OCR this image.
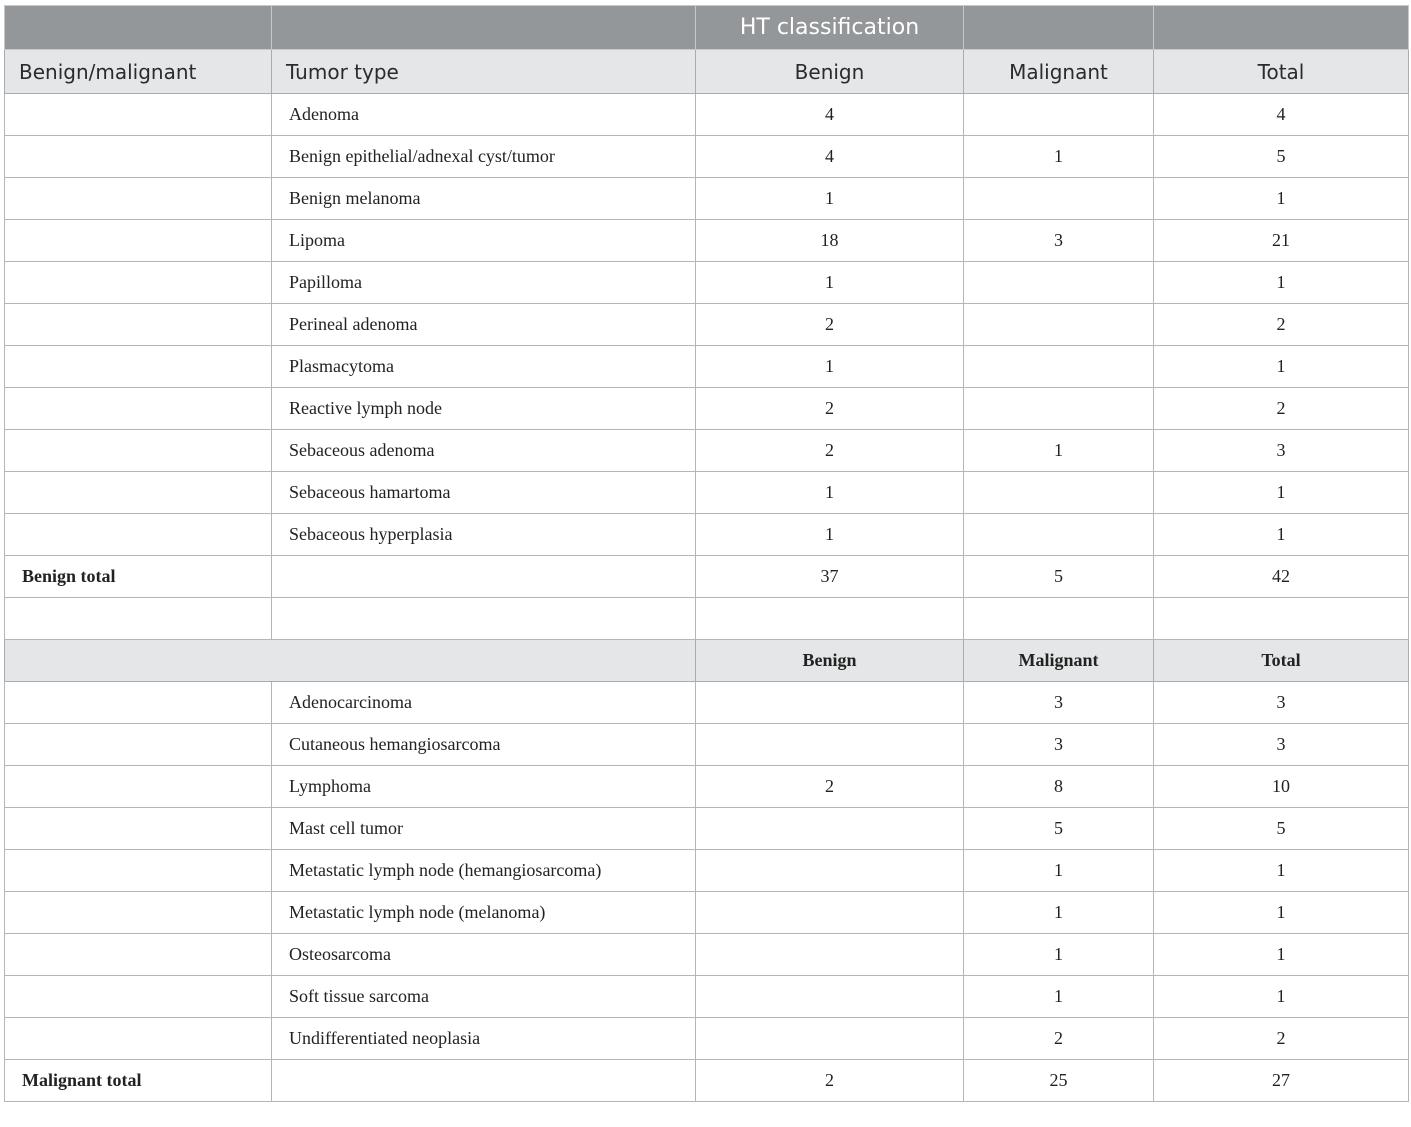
		HT classification		
Benign/malignant	Tumor type	Benign	Malignant	Total
	Adenoma	4		4
	Benign epithelial/adnexal cyst/tumor	4	1	5
	Benign melanoma	1		1
	Lipoma	18	3	21
	Papilloma	1		1
	Perineal adenoma	2		2
	Plasmacytoma	1		1
	Reactive lymph node	2		2
	Sebaceous adenoma	2	1	3
	Sebaceous hamartoma	1		1
	Sebaceous hyperplasia	1		1
Benign total		37	5	42

		Benign	Malignant	Total
	Adenocarcinoma		3	3
	Cutaneous hemangiosarcoma		3	3
	Lymphoma	2	8	10
	Mast cell tumor		5	5
	Metastatic lymph node (hemangiosarcoma)		1	1
	Metastatic lymph node (melanoma)		1	1
	Osteosarcoma		1	1
	Soft tissue sarcoma		1	1
	Undifferentiated neoplasia		2	2
Malignant total		2	25	27
